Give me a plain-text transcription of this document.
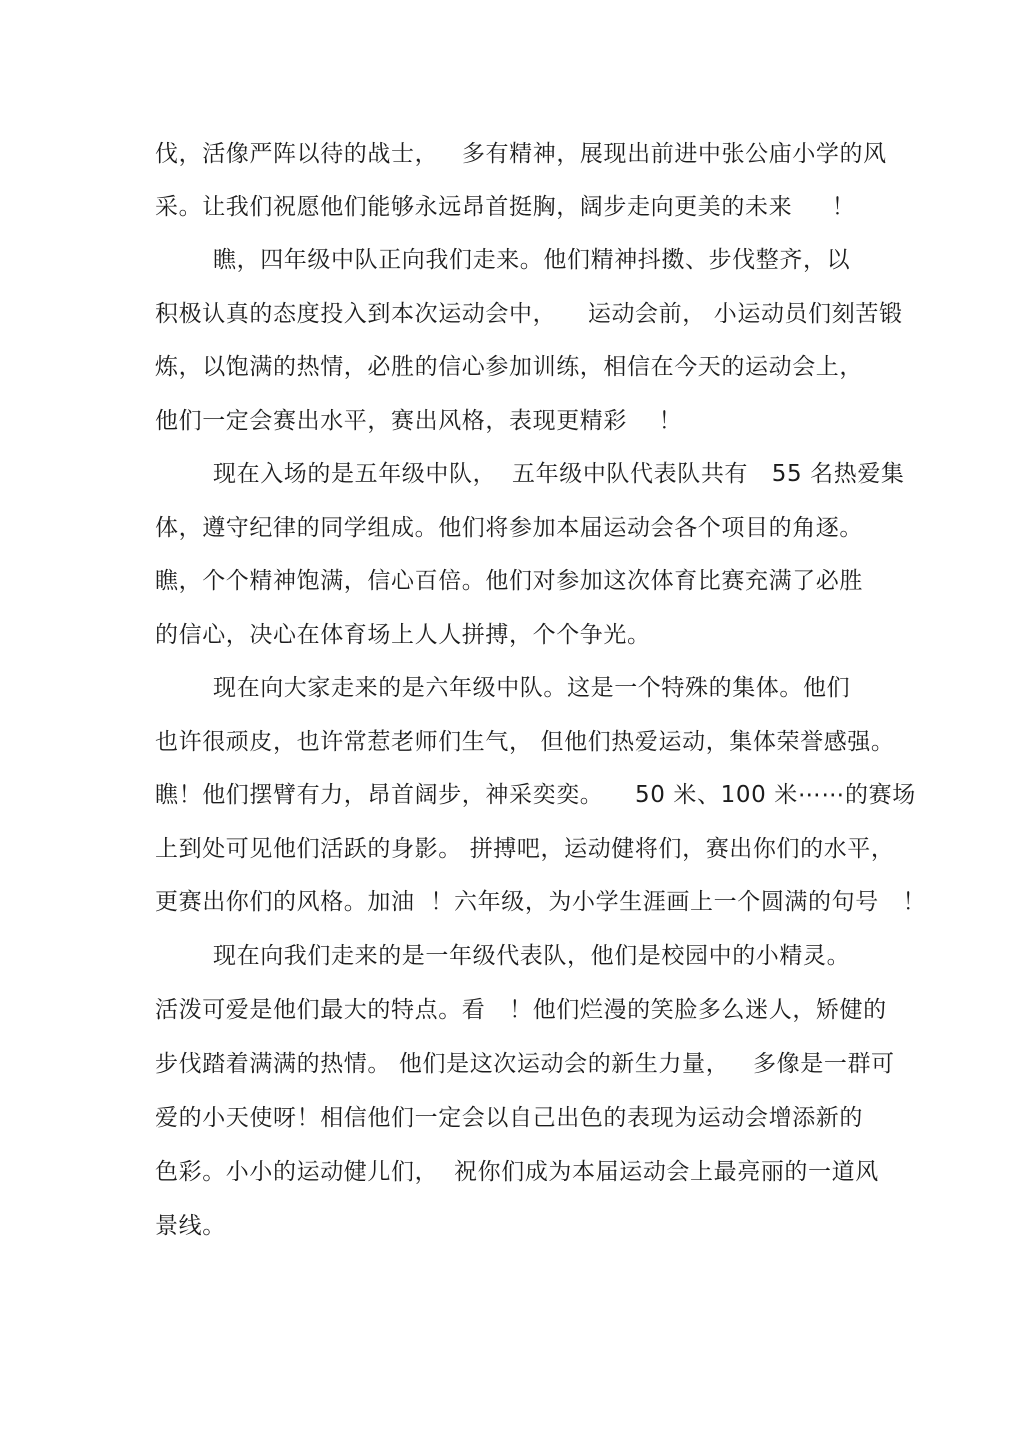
伐，活像严阵以待的战士，   多有精神，展现出前进中张公庙小学的风

采。让我们祝愿他们能够永远昂首挺胸，阔步走向更美的未来     ！

瞧，四年级中队正向我们走来。他们精神抖擞、步伐整齐，以

积极认真的态度投入到本次运动会中，    运动会前， 小运动员们刻苦锻

炼，以饱满的热情，必胜的信心参加训练，相信在今天的运动会上，

他们一定会赛出水平，赛出风格，表现更精彩    ！

现在入场的是五年级中队，  五年级中队代表队共有   55 名热爱集

体，遵守纪律的同学组成。他们将参加本届运动会各个项目的角逐。

瞧，个个精神饱满，信心百倍。他们对参加这次体育比赛充满了必胜

的信心，决心在体育场上人人拼搏，个个争光。

现在向大家走来的是六年级中队。这是一个特殊的集体。他们

也许很顽皮，也许常惹老师们生气， 但他们热爱运动，集体荣誉感强。

瞧！他们摆臂有力，昂首阔步，神采奕奕。    50 米、100 米⋯⋯的赛场

上到处可见他们活跃的身影。 拼搏吧，运动健将们，赛出你们的水平，

更赛出你们的风格。加油  ！六年级，为小学生涯画上一个圆满的句号   ！

现在向我们走来的是一年级代表队，他们是校园中的小精灵。

活泼可爱是他们最大的特点。看   ！他们烂漫的笑脸多么迷人，矫健的

步伐踏着满满的热情。 他们是这次运动会的新生力量，   多像是一群可

爱的小天使呀！相信他们一定会以自己出色的表现为运动会增添新的

色彩。小小的运动健儿们，  祝你们成为本届运动会上最亮丽的一道风

景线。
